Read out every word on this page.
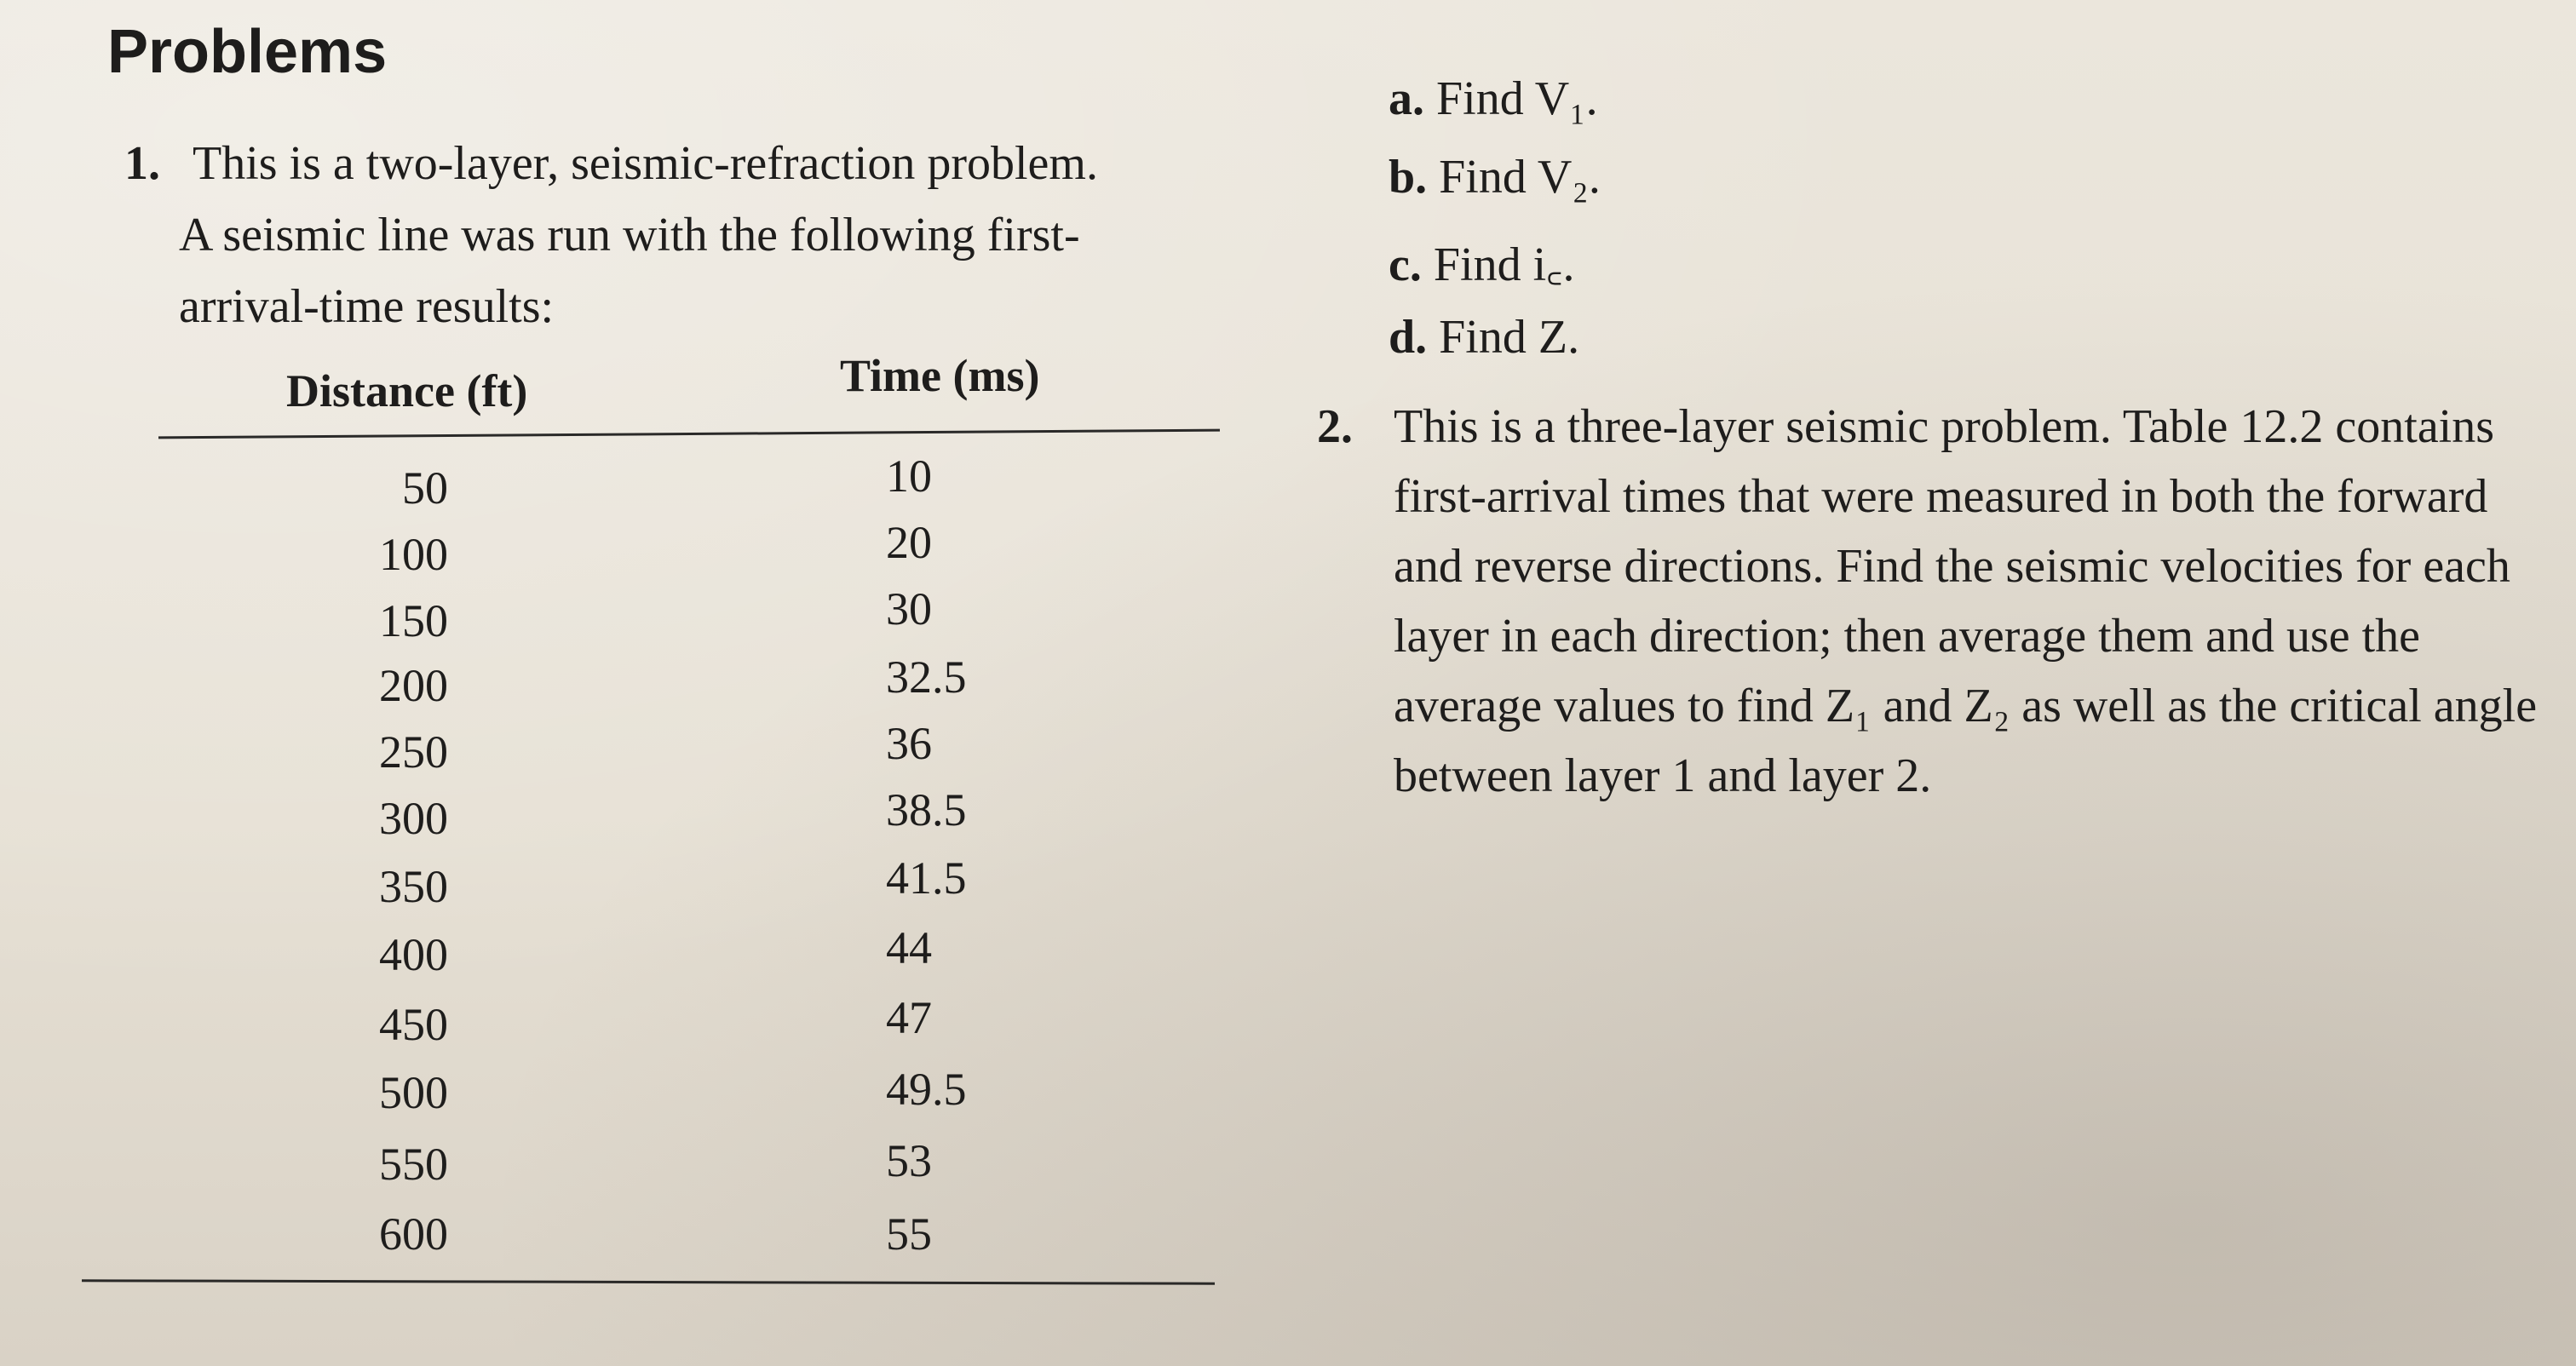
Problems
1. This is a two-layer, seismic-refraction problem.
A seismic line was run with the following first-
arrival-time results:
Distance (ft)	Time (ms)
50	10
100	20
150	30
200	32.5
250	36
300	38.5
350	41.5
400	44
450	47
500	49.5
550	53
600	55
a. Find V₁.
b. Find V₂.
c. Find i꜀.
d. Find Z.
2. This is a three-layer seismic problem. Table 12.2 contains first-arrival times that were measured in both the forward and reverse directions. Find the seismic velocities for each layer in each direction; then average them and use the average values to find Z₁ and Z₂ as well as the critical angle between layer 1 and layer 2.
